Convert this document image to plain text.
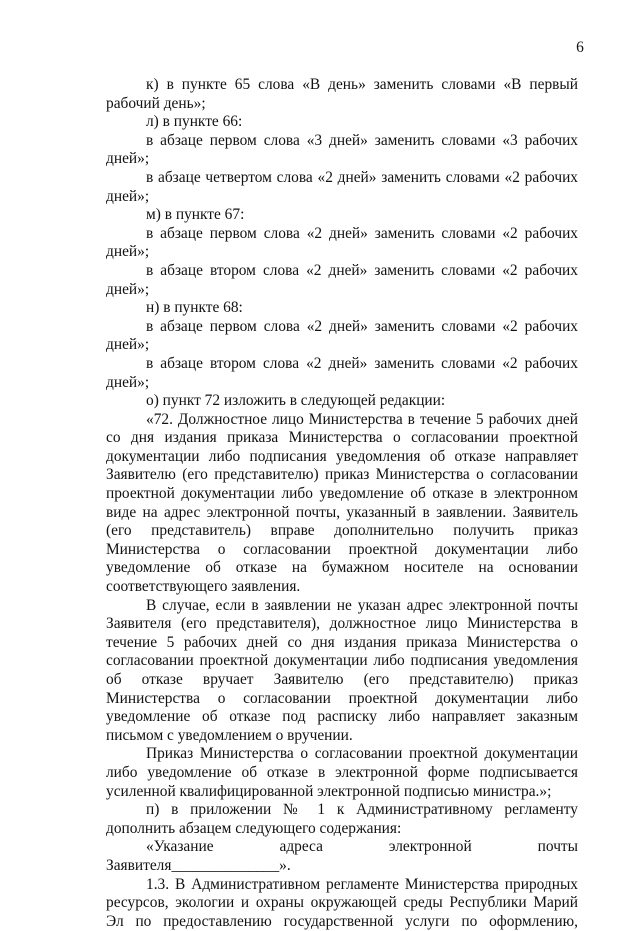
6

к) в пункте 65 слова «В день» заменить словами «В первый рабочий день»;

л) в пункте 66:

в абзаце первом слова «3 дней» заменить словами «3 рабочих дней»;

в абзаце четвертом слова «2 дней» заменить словами «2 рабочих дней»;

м) в пункте 67:

в абзаце первом слова «2 дней» заменить словами «2 рабочих дней»;

в абзаце втором слова «2 дней» заменить словами «2 рабочих дней»;

н) в пункте 68:

в абзаце первом слова «2 дней» заменить словами «2 рабочих дней»;

в абзаце втором слова «2 дней» заменить словами «2 рабочих дней»;

о) пункт 72 изложить в следующей редакции:

«72. Должностное лицо Министерства в течение 5 рабочих дней со дня издания приказа Министерства о согласовании проектной документации либо подписания уведомления об отказе направляет Заявителю (его представителю) приказ Министерства о согласовании проектной документации либо уведомление об отказе в электронном виде на адрес электронной почты, указанный в заявлении. Заявитель (его представитель) вправе дополнительно получить приказ Министерства о согласовании проектной документации либо уведомление об отказе на бумажном носителе на основании соответствующего заявления.

В случае, если в заявлении не указан адрес электронной почты Заявителя (его представителя), должностное лицо Министерства в течение 5 рабочих дней со дня издания приказа Министерства о согласовании проектной документации либо подписания уведомления об отказе вручает Заявителю (его представителю) приказ Министерства о согласовании проектной документации либо уведомление об отказе под расписку либо направляет заказным письмом с уведомлением о вручении.

Приказ Министерства о согласовании проектной документации либо уведомление об отказе в электронной форме подписывается усиленной квалифицированной электронной подписью министра.»;

п) в приложении № 1 к Административному регламенту дополнить абзацем следующего содержания:

«Указание адреса электронной почты Заявителя______________».

1.3. В Административном регламенте Министерства природных ресурсов, экологии и охраны окружающей среды Республики Марий Эл по предоставлению государственной услуги по оформлению,
